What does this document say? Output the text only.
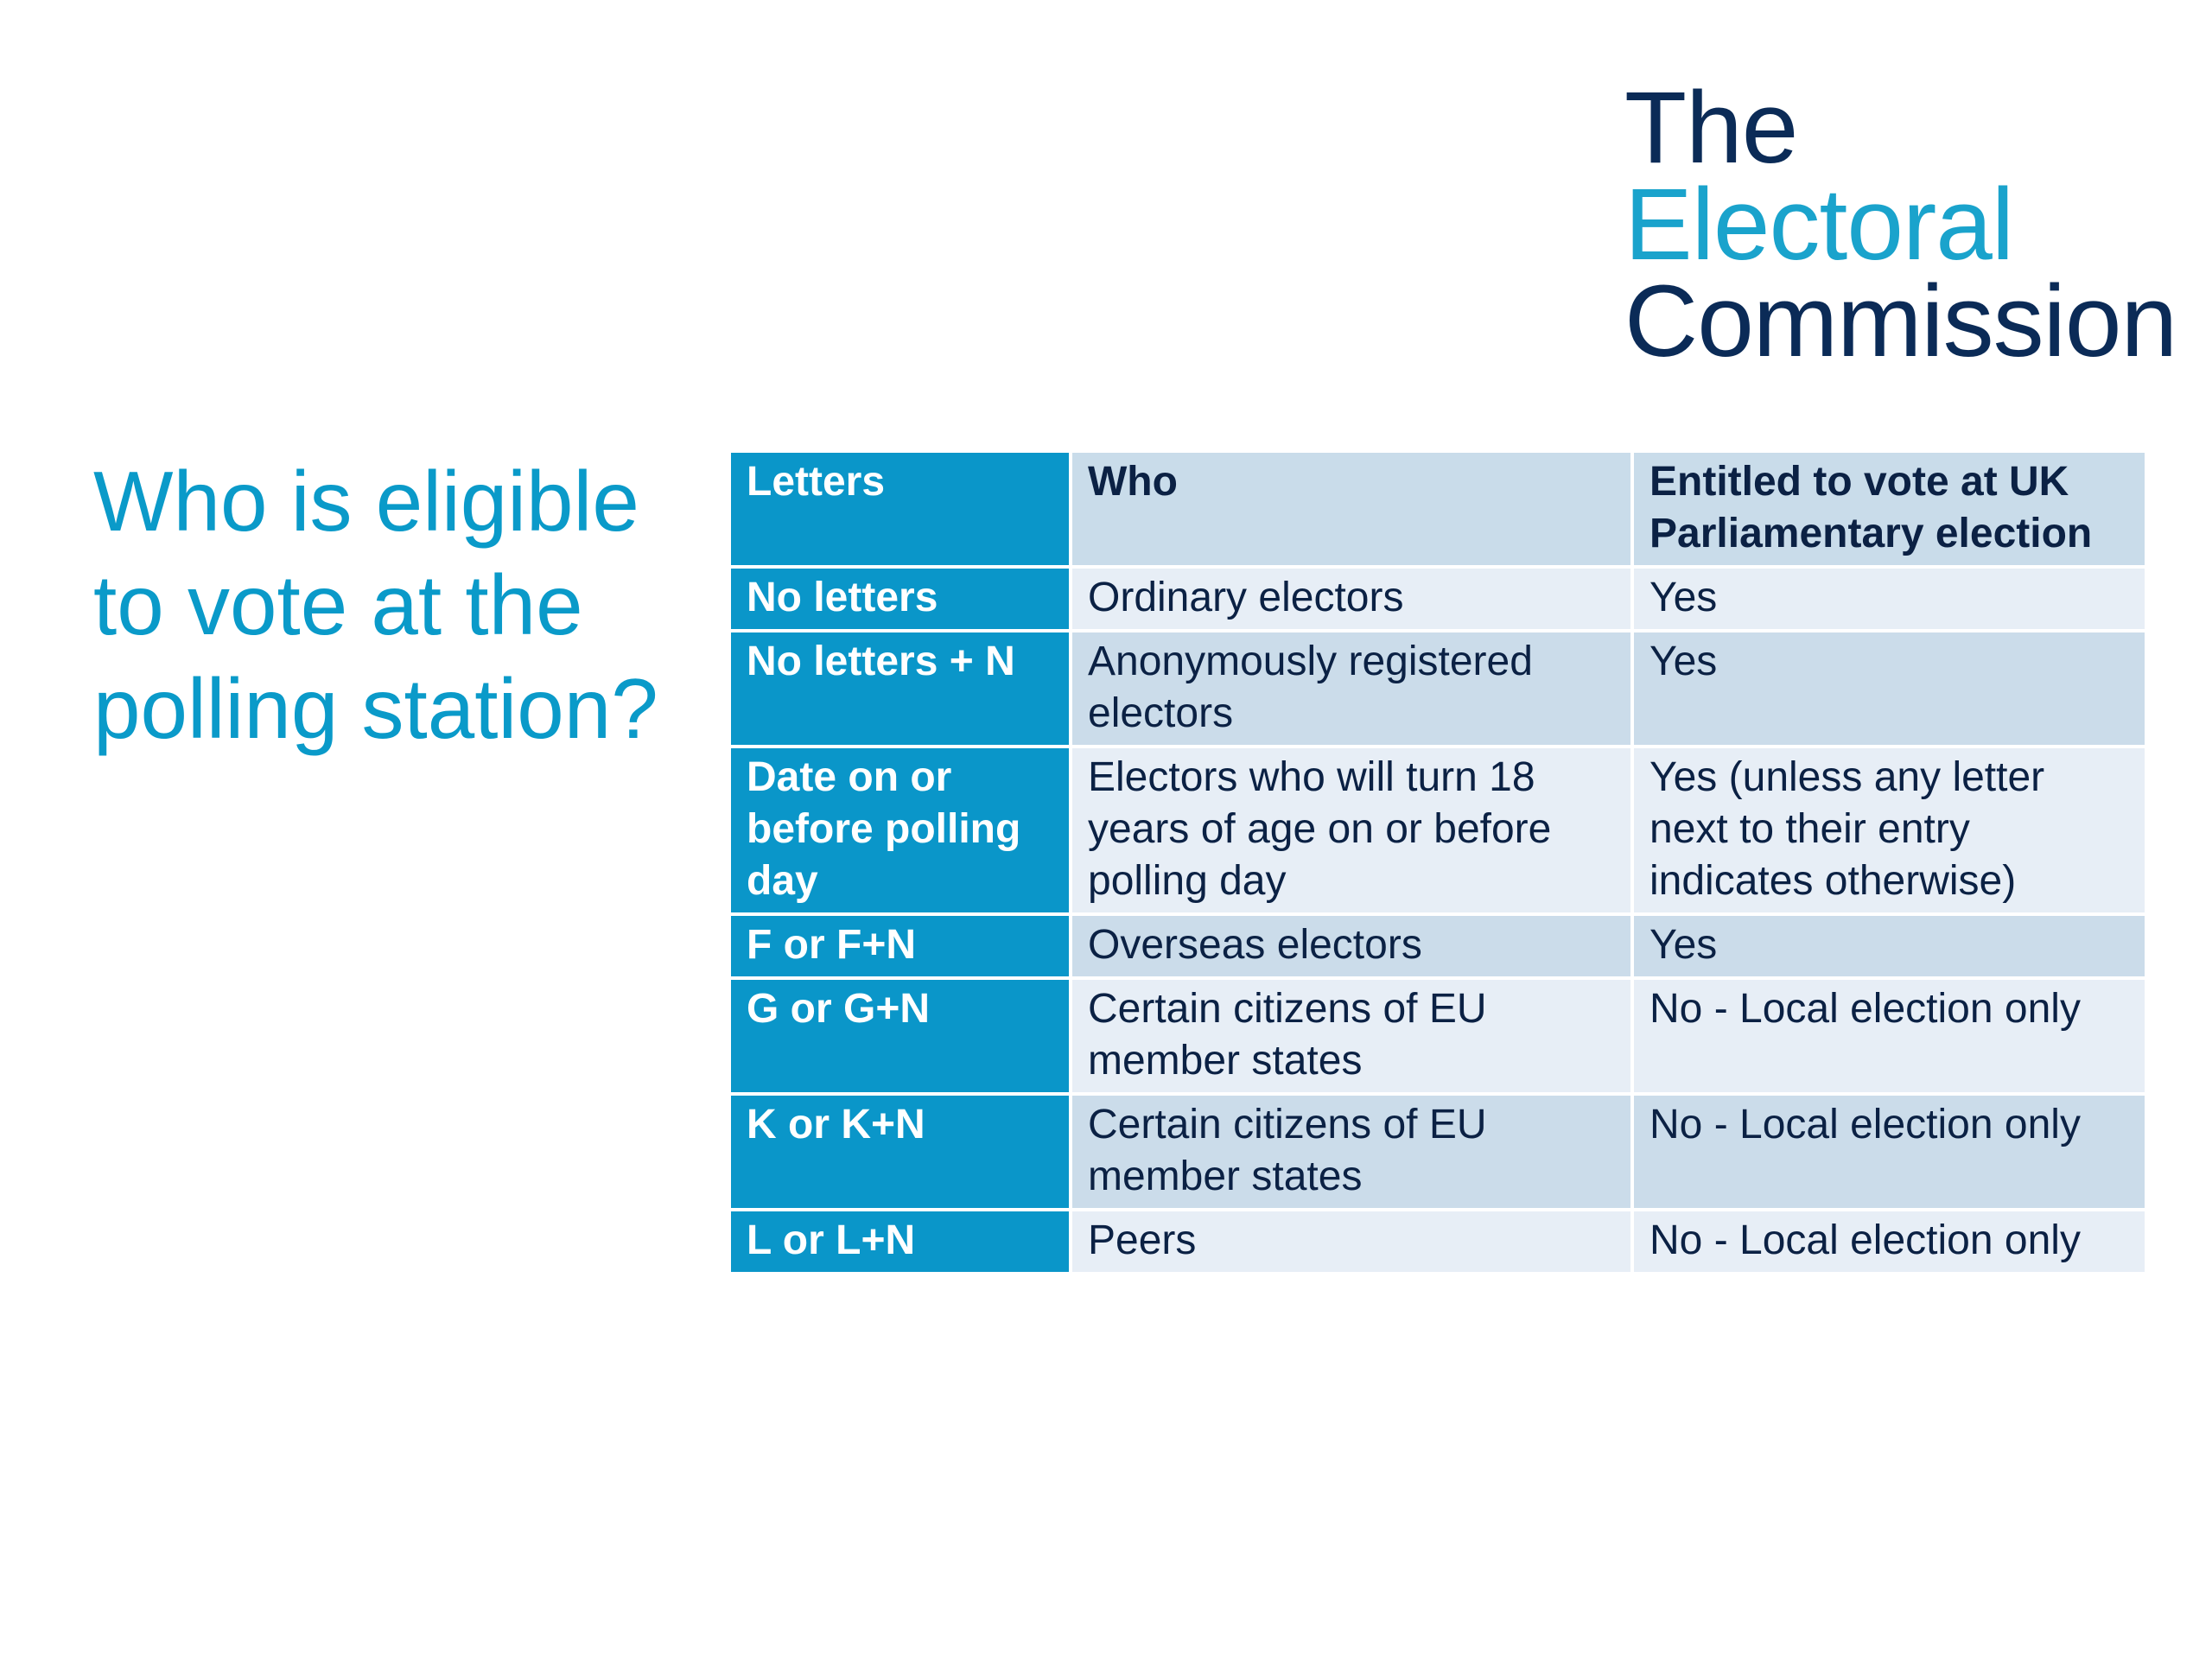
The
Electoral
Commission
Who is eligible to vote at the polling station?
Letters	Who	Entitled to vote at UK Parliamentary election
No letters	Ordinary electors	Yes
No letters + N	Anonymously registered electors	Yes
Date on or before polling day	Electors who will turn 18 years of age on or before polling day	Yes (unless any letter next to their entry indicates otherwise)
F or F+N	Overseas electors	Yes
G or G+N	Certain citizens of EU member states	No - Local election only
K or K+N	Certain citizens of EU member states	No - Local election only
L or L+N	Peers	No - Local election only
